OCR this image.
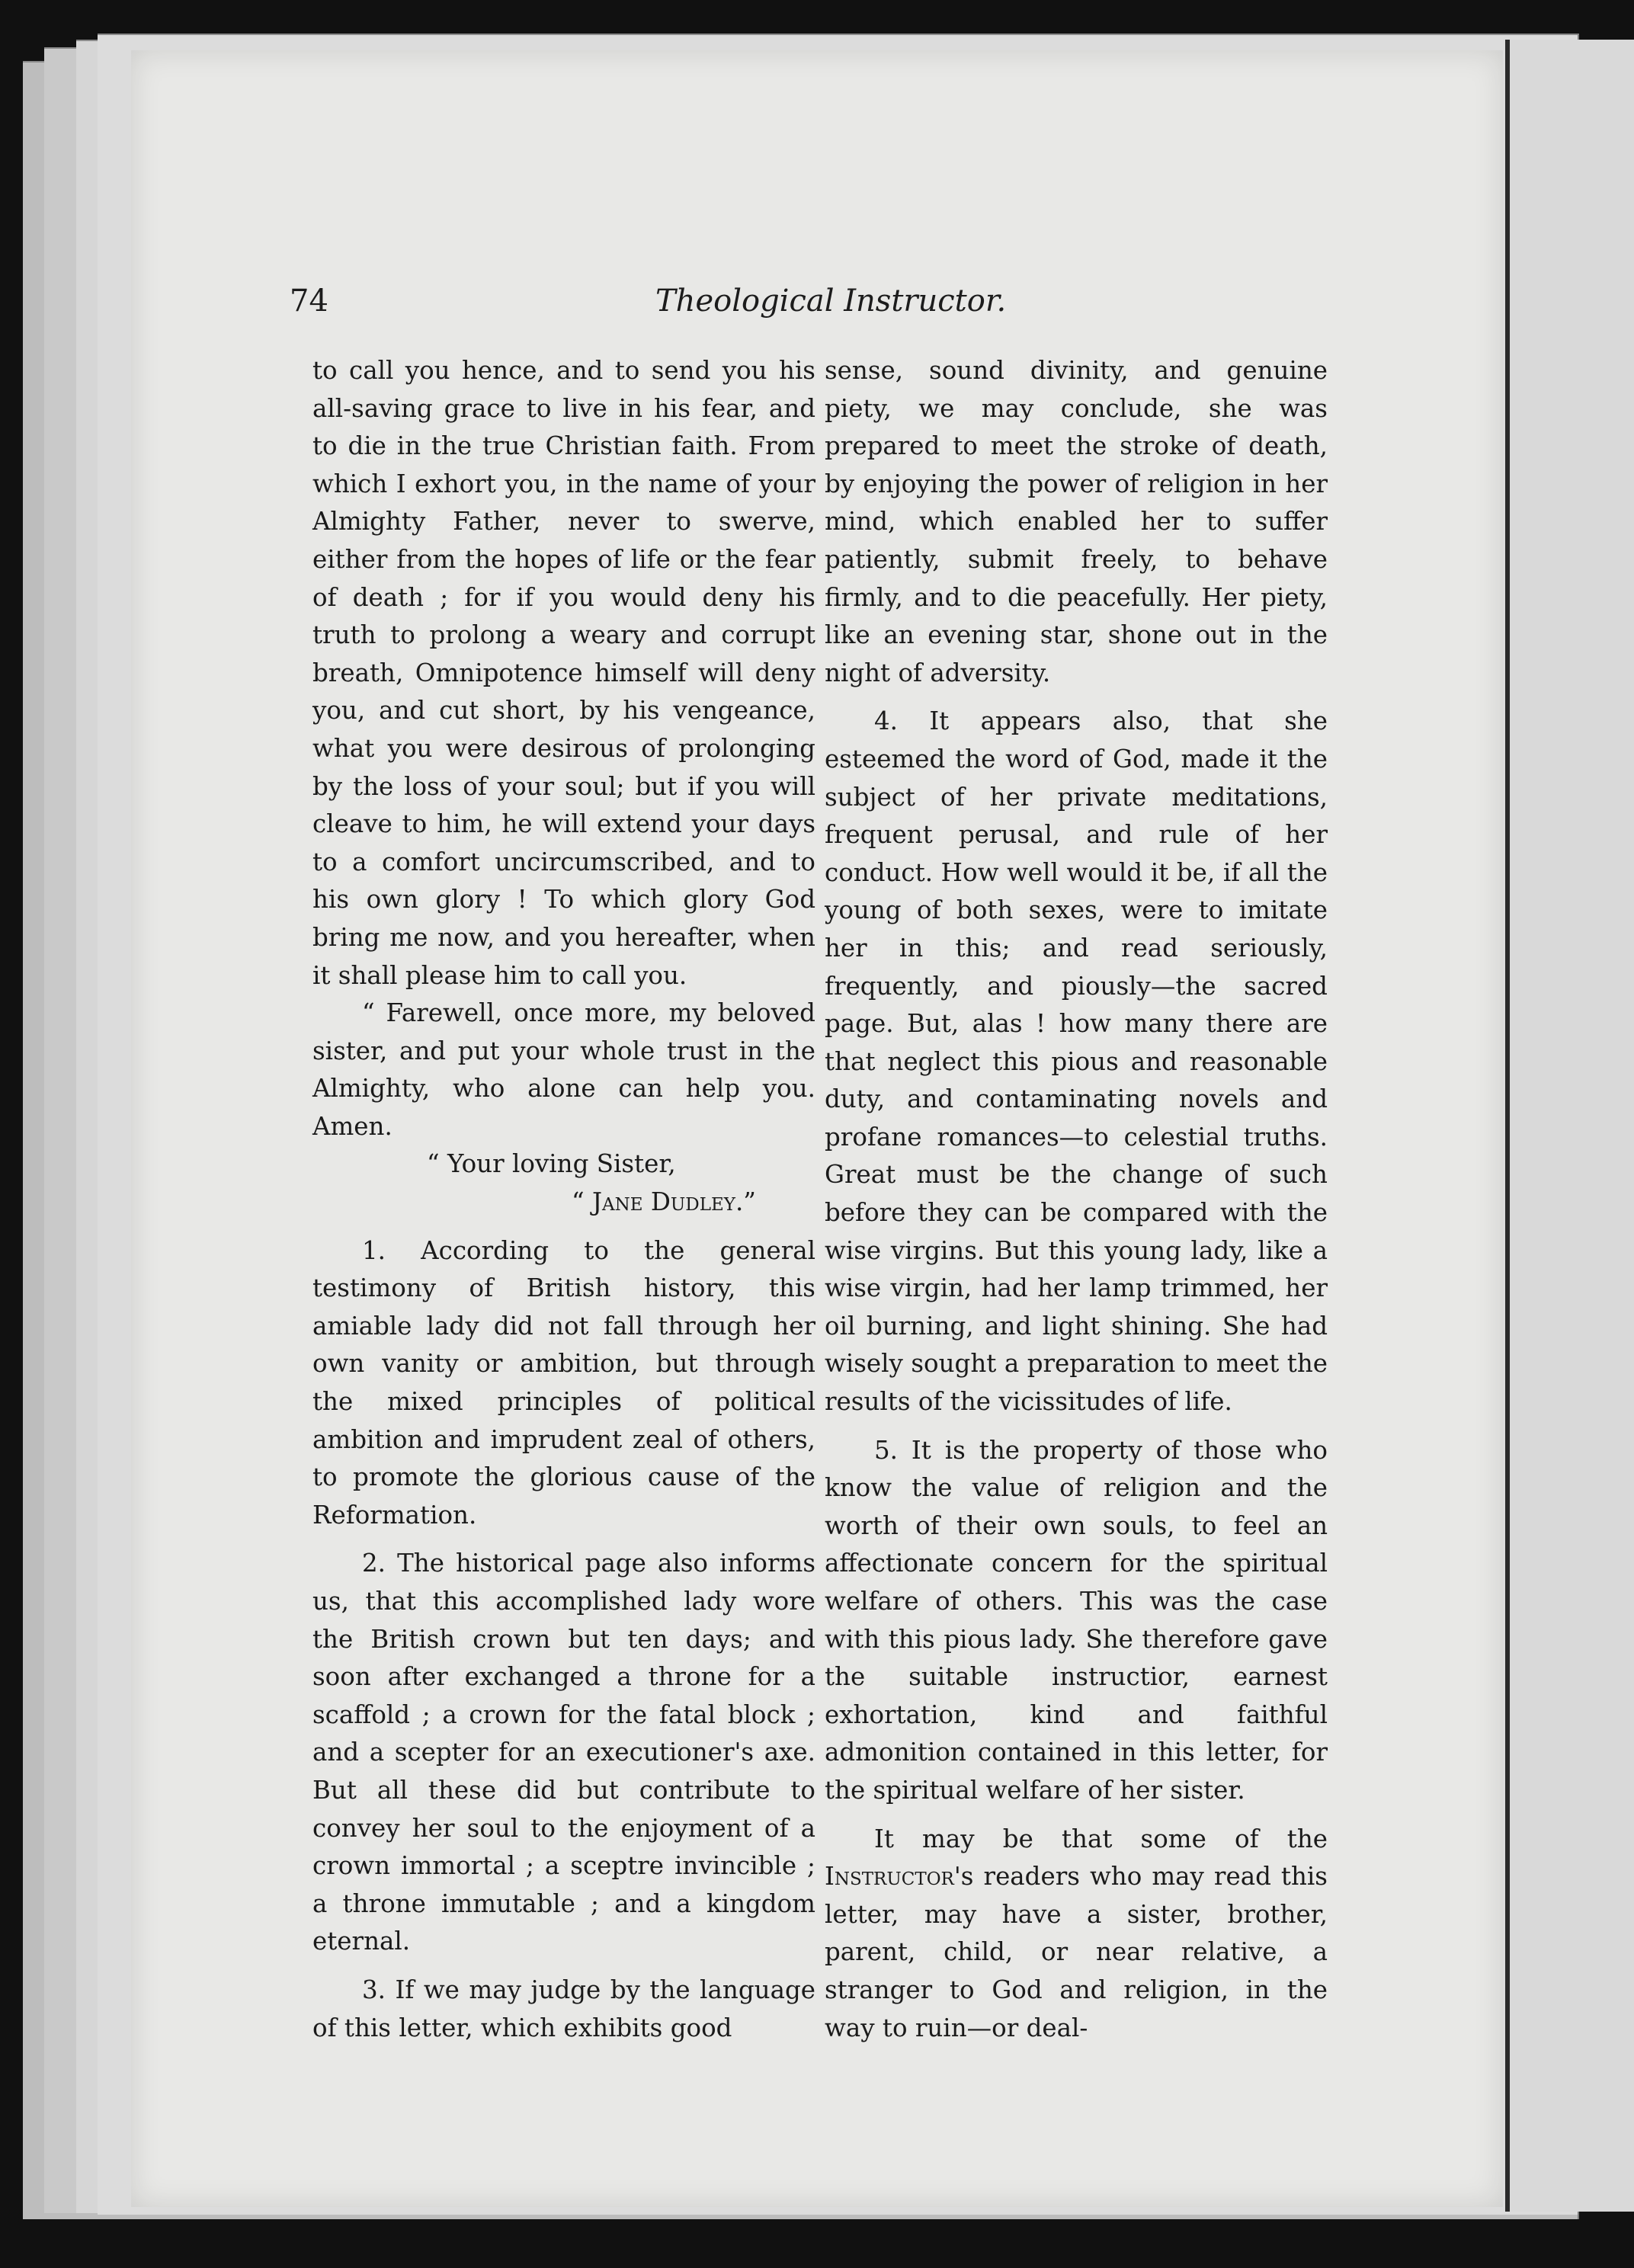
74	Theological Instructor.

to call you hence, and to send you his all-saving grace to live in his fear, and to die in the true Christian faith. From which I exhort you, in the name of your Almighty Father, never to swerve, either from the hopes of life or the fear of death ; for if you would deny his truth to prolong a weary and corrupt breath, Omnipotence himself will deny you, and cut short, by his vengeance, what you were desirous of prolonging by the loss of your soul; but if you will cleave to him, he will extend your days to a comfort uncircumscribed, and to his own glory ! To which glory God bring me now, and you hereafter, when it shall please him to call you.

“ Farewell, once more, my beloved sister, and put your whole trust in the Almighty, who alone can help you. Amen.

“ Your loving Sister,

“ Jane Dudley.”

1. According to the general testimony of British history, this amiable lady did not fall through her own vanity or ambition, but through the mixed principles of political ambition and imprudent zeal of others, to promote the glorious cause of the Reformation.

2. The historical page also informs us, that this accomplished lady wore the British crown but ten days; and soon after exchanged a throne for a scaffold ; a crown for the fatal block ; and a scepter for an executioner's axe. But all these did but contribute to convey her soul to the enjoyment of a crown immortal ; a sceptre invincible ; a throne immutable ; and a kingdom eternal.

3. If we may judge by the language of this letter, which exhibits good

sense, sound divinity, and genuine piety, we may conclude, she was prepared to meet the stroke of death, by enjoying the power of religion in her mind, which enabled her to suffer patiently, submit freely, to behave firmly, and to die peacefully. Her piety, like an evening star, shone out in the night of adversity.

4. It appears also, that she esteemed the word of God, made it the subject of her private meditations, frequent perusal, and rule of her conduct. How well would it be, if all the young of both sexes, were to imitate her in this; and read seriously, frequently, and piously—the sacred page. But, alas ! how many there are that neglect this pious and reasonable duty, and contaminating novels and profane romances—to celestial truths. Great must be the change of such before they can be compared with the wise virgins. But this young lady, like a wise virgin, had her lamp trimmed, her oil burning, and light shining. She had wisely sought a preparation to meet the results of the vicissitudes of life.

5. It is the property of those who know the value of religion and the worth of their own souls, to feel an affectionate concern for the spiritual welfare of others. This was the case with this pious lady. She therefore gave the suitable instructior, earnest exhortation, kind and faithful admonition contained in this letter, for the spiritual welfare of her sister.

It may be that some of the Instructor's readers who may read this letter, may have a sister, brother, parent, child, or near relative, a stranger to God and religion, in the way to ruin—or deal-
